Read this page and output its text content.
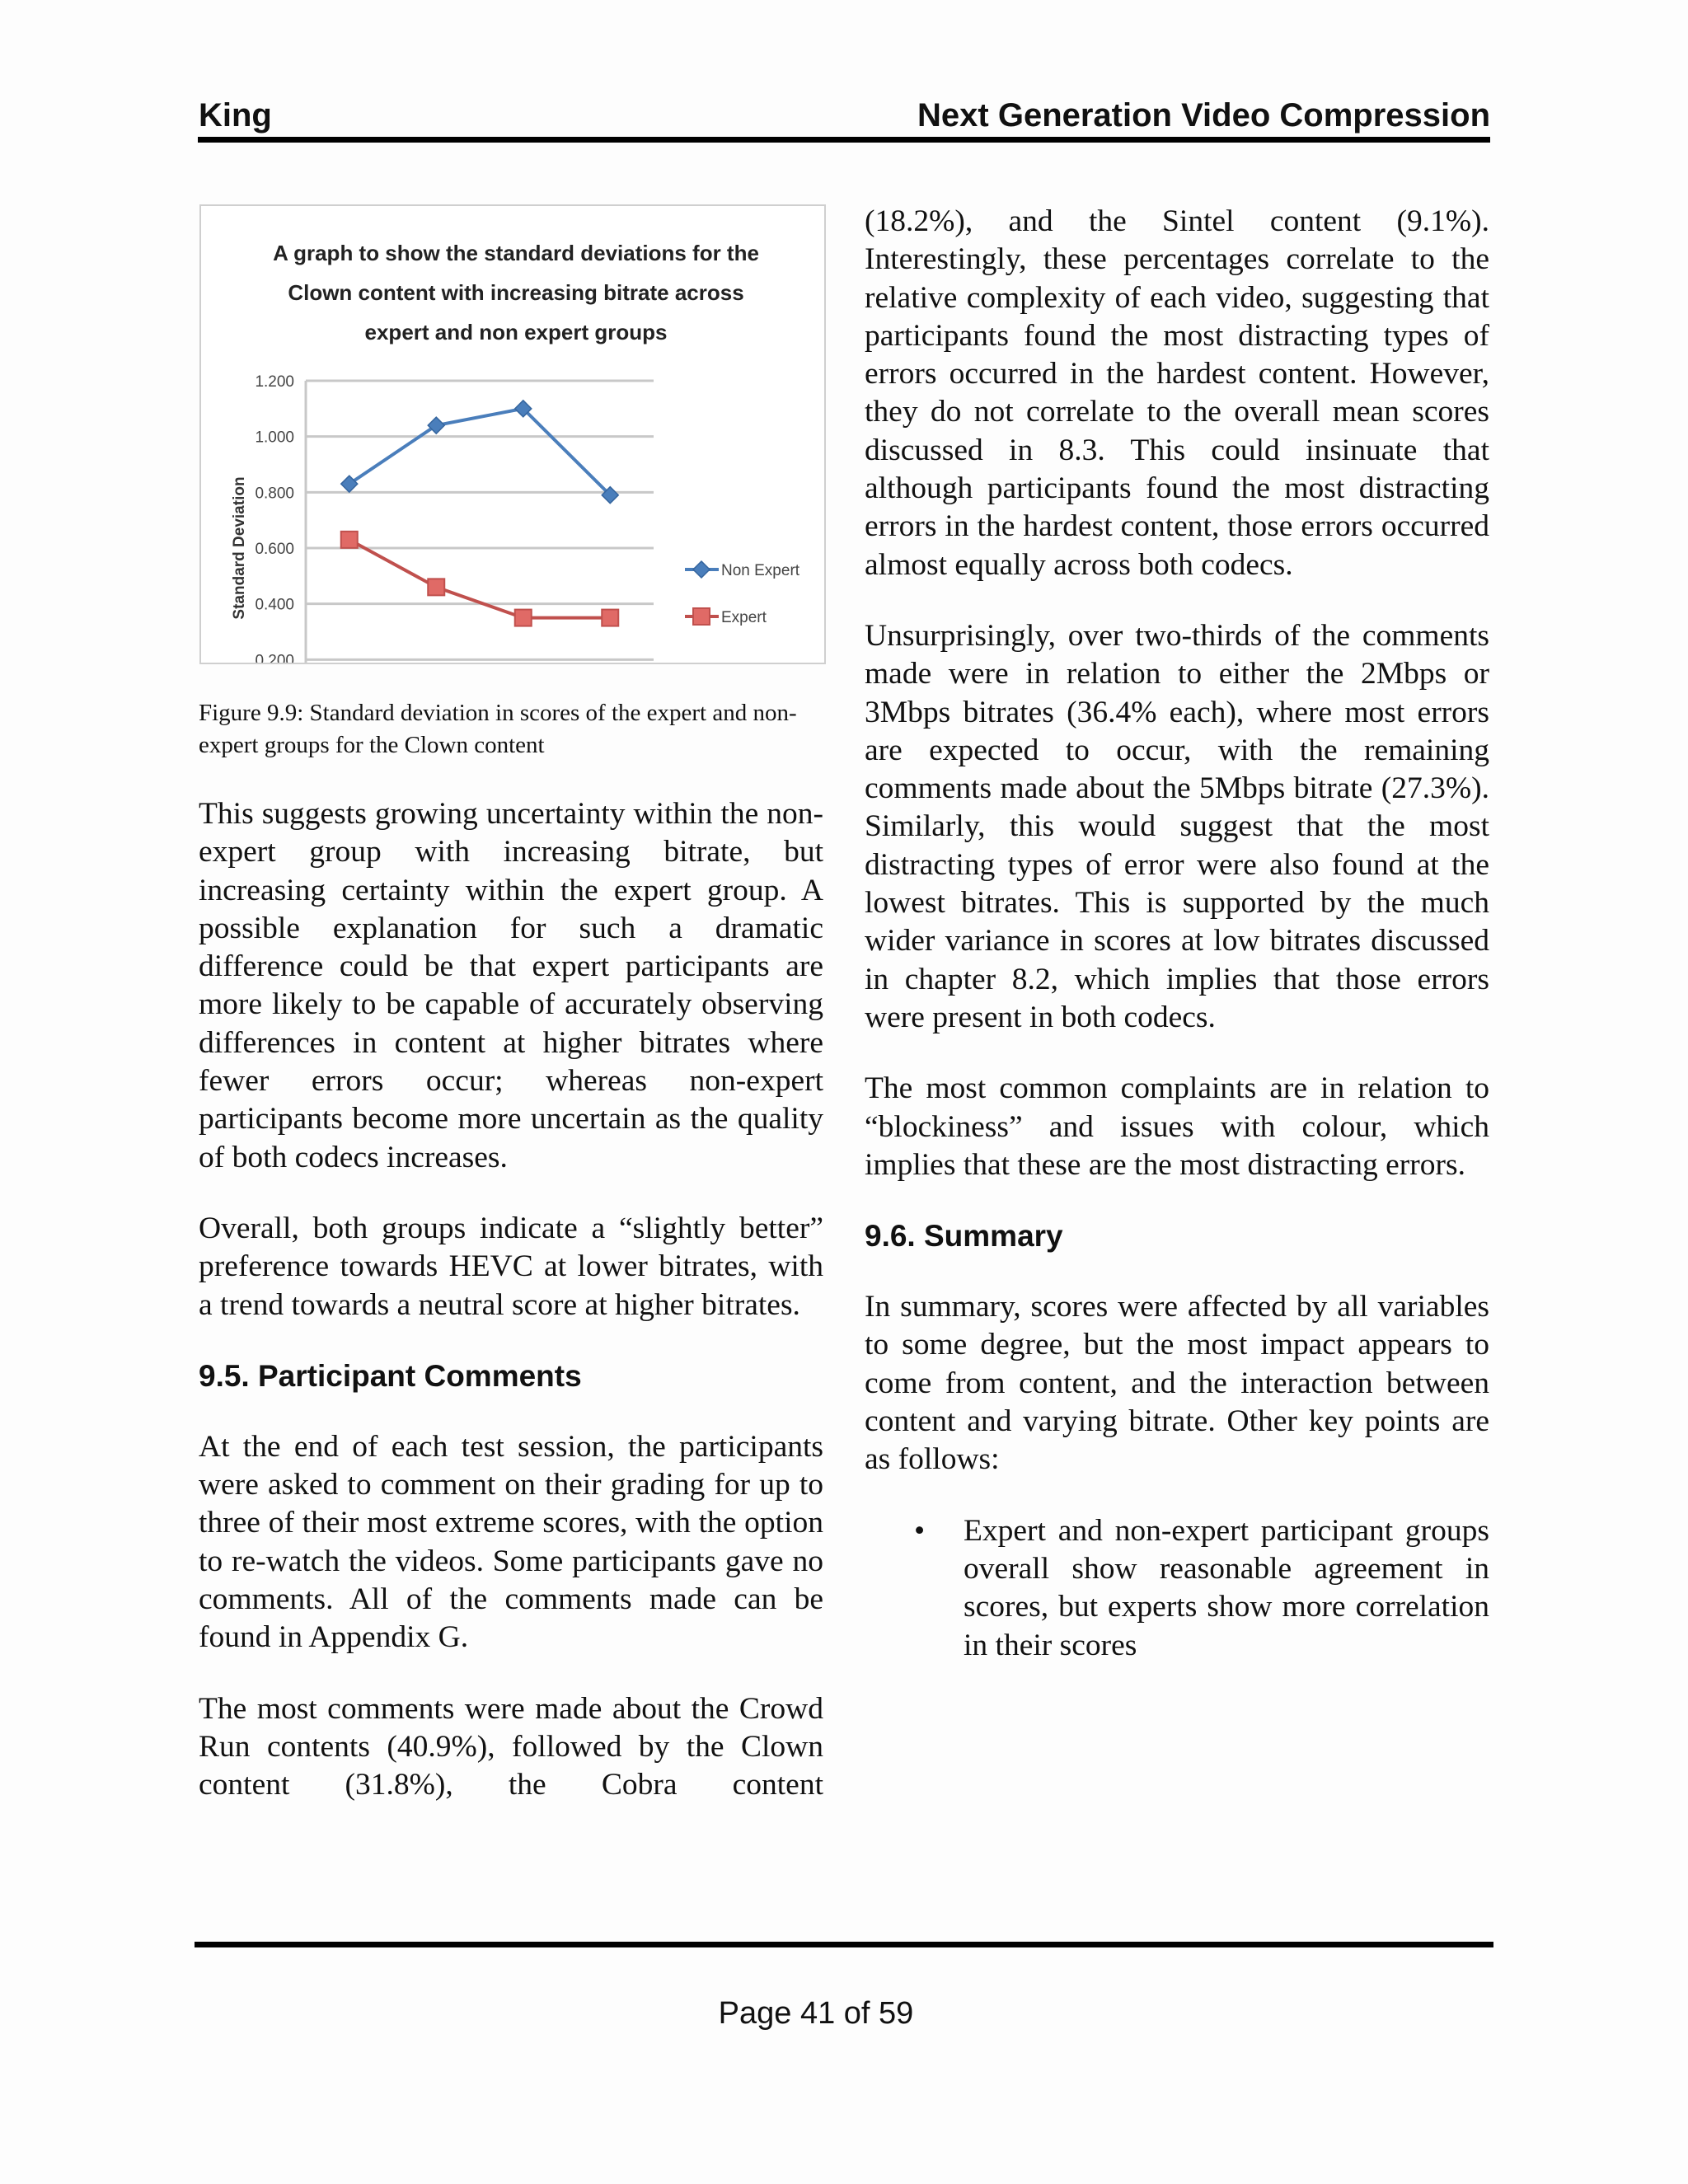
King	Next Generation Video Compression
A graph to show the standard deviations for the
Clown content with increasing bitrate across
expert and non expert groups
0.200
0.400
0.600
0.800
1.000
1.200
Standard Deviation	Non Expert
Expert
Figure 9.9: Standard deviation in scores of the expert and non-expert groups for the Clown content

This suggests growing uncertainty within the non-expert group with increasing bitrate, but increasing certainty within the expert group. A possible explanation for such a dramatic difference could be that expert participants are more likely to be capable of accurately observing differences in content at higher bitrates where fewer errors occur; whereas non-expert participants become more uncertain as the quality of both codecs increases.

Overall, both groups indicate a “slightly better” preference towards HEVC at lower bitrates, with a trend towards a neutral score at higher bitrates.

9.5. Participant Comments

At the end of each test session, the participants were asked to comment on their grading for up to three of their most extreme scores, with the option to re-watch the videos. Some participants gave no comments. All of the comments made can be found in Appendix G.

The most comments were made about the Crowd Run contents (40.9%), followed by the Clown content (31.8%), the Cobra content

(18.2%), and the Sintel content (9.1%). Interestingly, these percentages correlate to the relative complexity of each video, suggesting that participants found the most distracting types of errors occurred in the hardest content. However, they do not correlate to the overall mean scores discussed in 8.3. This could insinuate that although participants found the most distracting errors in the hardest content, those errors occurred almost equally across both codecs.

Unsurprisingly, over two-thirds of the comments made were in relation to either the 2Mbps or 3Mbps bitrates (36.4% each), where most errors are expected to occur, with the remaining comments made about the 5Mbps bitrate (27.3%). Similarly, this would suggest that the most distracting types of error were also found at the lowest bitrates. This is supported by the much wider variance in scores at low bitrates discussed in chapter 8.2, which implies that those errors were present in both codecs.

The most common complaints are in relation to “blockiness” and issues with colour, which implies that these are the most distracting errors.

9.6. Summary

In summary, scores were affected by all variables to some degree, but the most impact appears to come from content, and the interaction between content and varying bitrate. Other key points are as follows:

• Expert and non-expert participant groups overall show reasonable agreement in scores, but experts show more correlation in their scores
Page 41 of 59
